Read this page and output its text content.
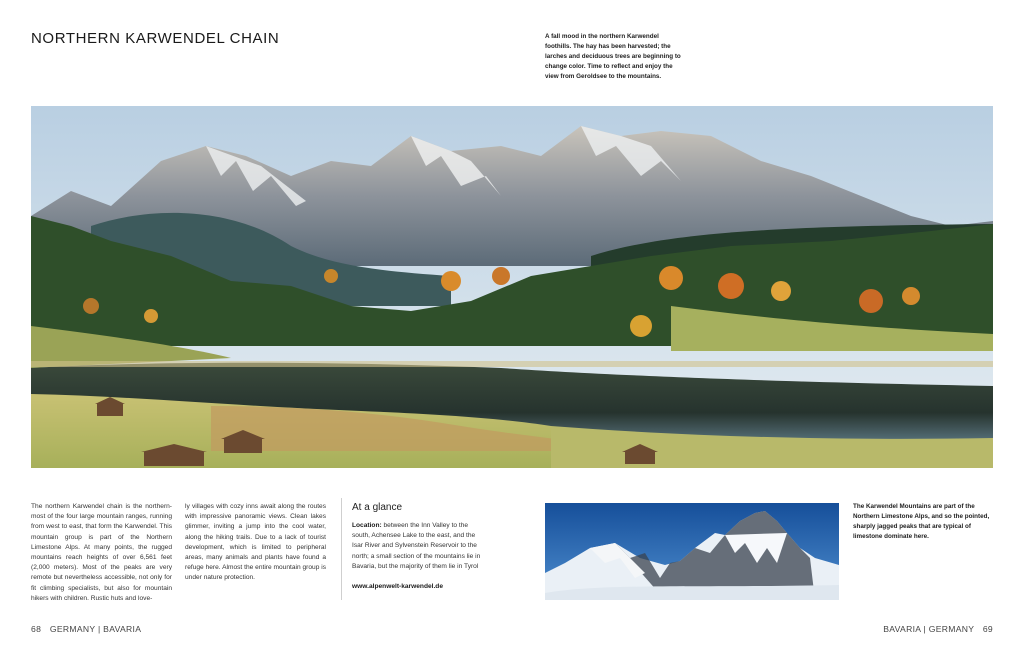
NORTHERN KARWENDEL CHAIN	A fall mood in the northern Karwendel foothills. The hay has been harvested; the larches and deciduous trees are beginning to change color. Time to reflect and enjoy the view from Geroldsee to the mountains.
The northern Karwendel chain is the northern-most of the four large mountain ranges, running from west to east, that form the Karwendel. This mountain group is part of the Northern Limestone Alps. At many points, the rugged mountains reach heights of over 6,561 feet (2,000 meters). Most of the peaks are very remote but nevertheless accessible, not only for fit climbing specialists, but also for mountain hikers with children. Rustic huts and love-
ly villages with cozy inns await along the routes with impressive panoramic views. Clean lakes glimmer, inviting a jump into the cool water, along the hiking trails. Due to a lack of tourist development, which is limited to peripheral areas, many animals and plants have found a refuge here. Almost the entire mountain group is under nature protection.
At a glance
Location: between the Inn Valley to the south, Achensee Lake to the east, and the Isar River and Sylvenstein Reservoir to the north; a small section of the mountains lie in Bavaria, but the majority of them lie in Tyrol
www.alpenwelt-karwendel.de
The Karwendel Mountains are part of the Northern Limestone Alps, and so the pointed, sharply jagged peaks that are typical of limestone dominate here.
68 GERMANY | BAVARIA	BAVARIA | GERMANY 69
